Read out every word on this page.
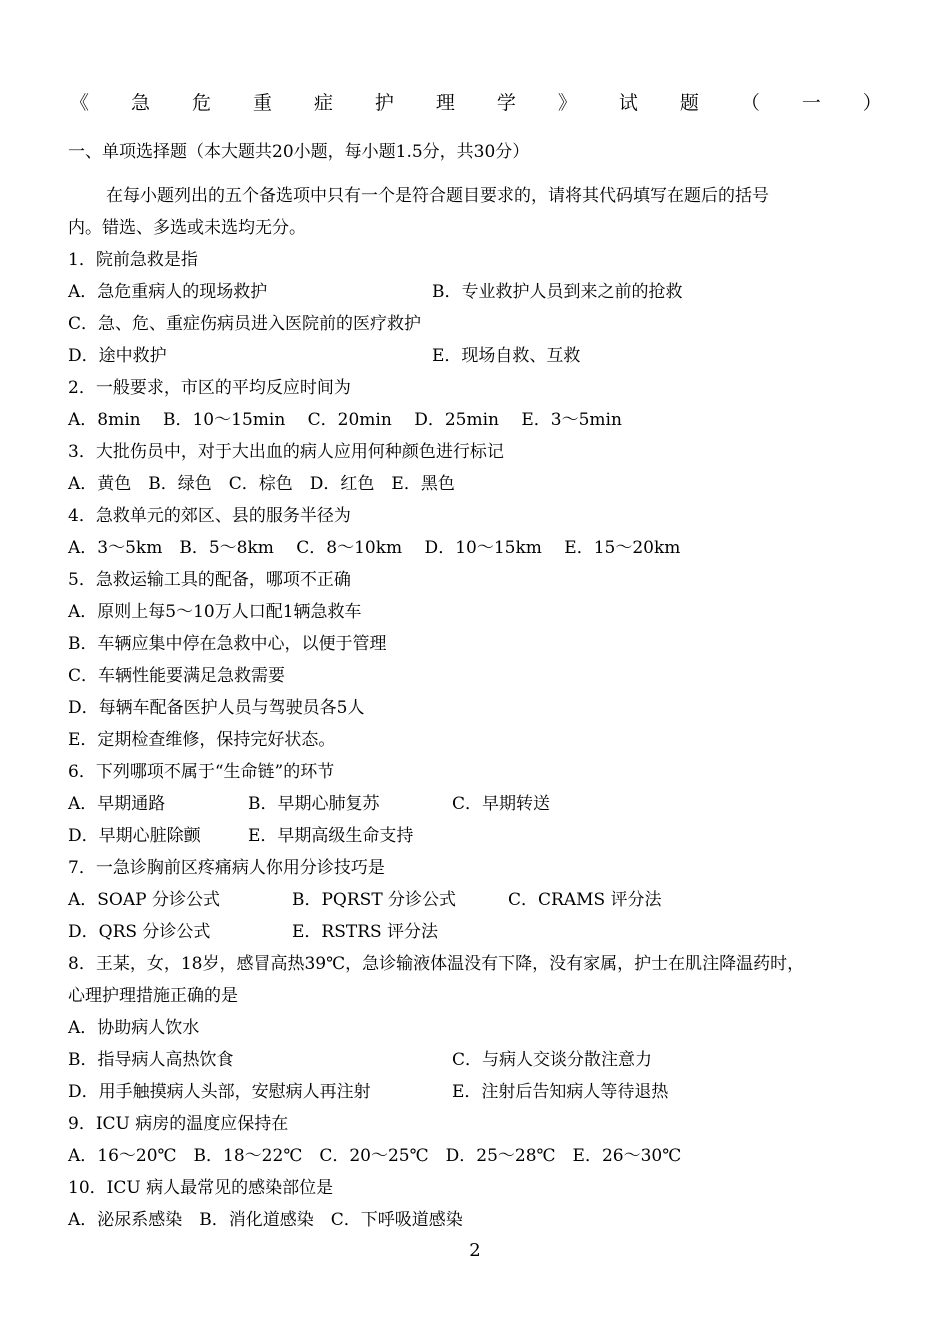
《 急 危 重 症 护 理 学 》 试 题 （ 一 ）
一、单项选择题（本大题共20小题，每小题1.5分，共30分）
在每小题列出的五个备选项中只有一个是符合题目要求的，请将其代码填写在题后的括号
内。错选、多选或未选均无分。
1．院前急救是指
A．急危重病人的现场救护	B．专业救护人员到来之前的抢救
C．急、危、重症伤病员进入医院前的医疗救护
D．途中救护	E．现场自救、互救
2．一般要求，市区的平均反应时间为
A．8min　 B．10～15min　 C．20min　 D．25min　 E．3～5min
3．大批伤员中，对于大出血的病人应用何种颜色进行标记
A．黄色　B．绿色　C．棕色　D．红色　E．黑色
4．急救单元的郊区、县的服务半径为
A．3～5km　B．5～8km　 C．8～10km　 D．10～15km　 E．15～20km
5．急救运输工具的配备，哪项不正确
A．原则上每5～10万人口配1辆急救车
B．车辆应集中停在急救中心，以便于管理
C．车辆性能要满足急救需要
D．每辆车配备医护人员与驾驶员各5人
E．定期检查维修，保持完好状态。
6．下列哪项不属于“生命链”的环节
A．早期通路	B．早期心肺复苏	C．早期转送
D．早期心脏除颤	E．早期高级生命支持
7．一急诊胸前区疼痛病人你用分诊技巧是
A．SOAP 分诊公式	B．PQRST 分诊公式	C．CRAMS 评分法
D．QRS 分诊公式	E．RSTRS 评分法
8．王某，女，18岁，感冒高热39℃，急诊输液体温没有下降，没有家属，护士在肌注降温药时，
心理护理措施正确的是
A．协助病人饮水
B．指导病人高热饮食	C．与病人交谈分散注意力
D．用手触摸病人头部，安慰病人再注射	E．注射后告知病人等待退热
9．ICU 病房的温度应保持在
A．16～20℃　B．18～22℃　C．20～25℃　D．25～28℃　E．26～30℃
10．ICU 病人最常见的感染部位是
A．泌尿系感染　B．消化道感染　C．下呼吸道感染
2
